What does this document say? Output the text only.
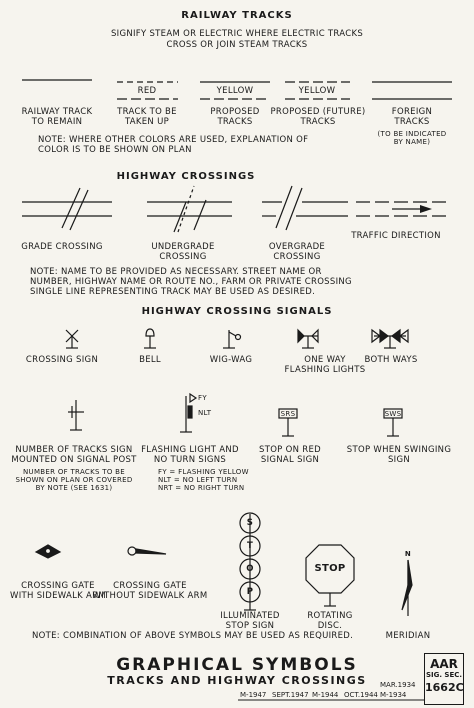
RAILWAY TRACKS
SIGNIFY STEAM OR ELECTRIC WHERE ELECTRIC TRACKS
CROSS OR JOIN STEAM TRACKS
RED	YELLOW	YELLOW
RAILWAY TRACK
TO REMAIN
TRACK TO BE
TAKEN UP
PROPOSED
TRACKS
PROPOSED (FUTURE)
TRACKS
FOREIGN
TRACKS
(TO BE INDICATED
BY NAME)
NOTE: WHERE OTHER COLORS ARE USED, EXPLANATION OF
COLOR IS TO BE SHOWN ON PLAN
HIGHWAY CROSSINGS
GRADE CROSSING	UNDERGRADE
CROSSING
OVERGRADE
CROSSING
TRAFFIC DIRECTION
NOTE: NAME TO BE PROVIDED AS NECESSARY. STREET NAME OR
NUMBER, HIGHWAY NAME OR ROUTE NO., FARM OR PRIVATE CROSSING
SINGLE LINE REPRESENTING TRACK MAY BE USED AS DESIRED.
HIGHWAY CROSSING SIGNALS
CROSSING SIGN	BELL	WIG-WAG	ONE WAY
FLASHING LIGHTS
BOTH WAYS
FY
NLT	SRS	SWS
NUMBER OF TRACKS SIGN
MOUNTED ON SIGNAL POST
FLASHING LIGHT AND
NO TURN SIGNS
STOP ON RED
SIGNAL SIGN
STOP WHEN SWINGING
SIGN
NUMBER OF TRACKS TO BE
SHOWN ON PLAN OR COVERED
BY NOTE (SEE 1631)
FY = FLASHING YELLOW
NLT = NO LEFT TURN
NRT = NO RIGHT TURN
S
T
O
P
STOP
N
CROSSING GATE
WITH SIDEWALK ARM
CROSSING GATE
WITHOUT SIDEWALK ARM
ILLUMINATED
STOP SIGN
ROTATING
DISC.
MERIDIAN
NOTE: COMBINATION OF ABOVE SYMBOLS MAY BE USED AS REQUIRED.
GRAPHICAL SYMBOLS
TRACKS AND HIGHWAY CROSSINGS
AAR
SIG. SEC.
1662C
M-1947 SEPT.1947 M-1944 OCT.1944 M-1934
MAR.1934
